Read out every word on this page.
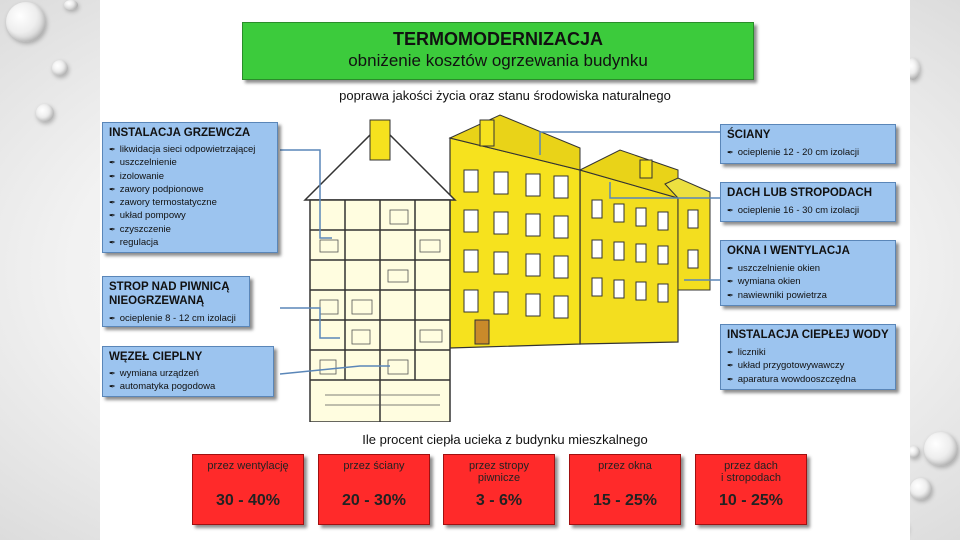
TERMOMODERNIZACJA
obniżenie kosztów ogrzewania budynku
poprawa jakości życia oraz stanu środowiska naturalnego
INSTALACJA GRZEWCZA
✒ likwidacja sieci odpowietrzającej
✒ uszczelnienie
✒ izolowanie
✒ zawory podpionowe
✒ zawory termostatyczne
✒ układ pompowy
✒ czyszczenie
✒ regulacja
STROP NAD PIWNICĄ
NIEOGRZEWANĄ
✒ ocieplenie 8 - 12 cm izolacji
WĘZEŁ CIEPLNY
✒ wymiana urządzeń
✒ automatyka pogodowa
ŚCIANY
✒ ocieplenie 12 - 20 cm izolacji
DACH LUB STROPODACH
✒ ocieplenie 16 - 30 cm izolacji
OKNA I WENTYLACJA
✒ uszczelnienie okien
✒ wymiana okien
✒ nawiewniki powietrza
INSTALACJA CIEPŁEJ WODY
✒ liczniki
✒ układ przygotowywawczy
✒ aparatura wowdooszczędna
Ile procent ciepła ucieka z budynku mieszkalnego
przez wentylację
30 - 40%
przez ściany
20 - 30%
przez stropy
piwnicze
3 - 6%
przez okna
15 - 25%
przez dach
i stropodach
10 - 25%
